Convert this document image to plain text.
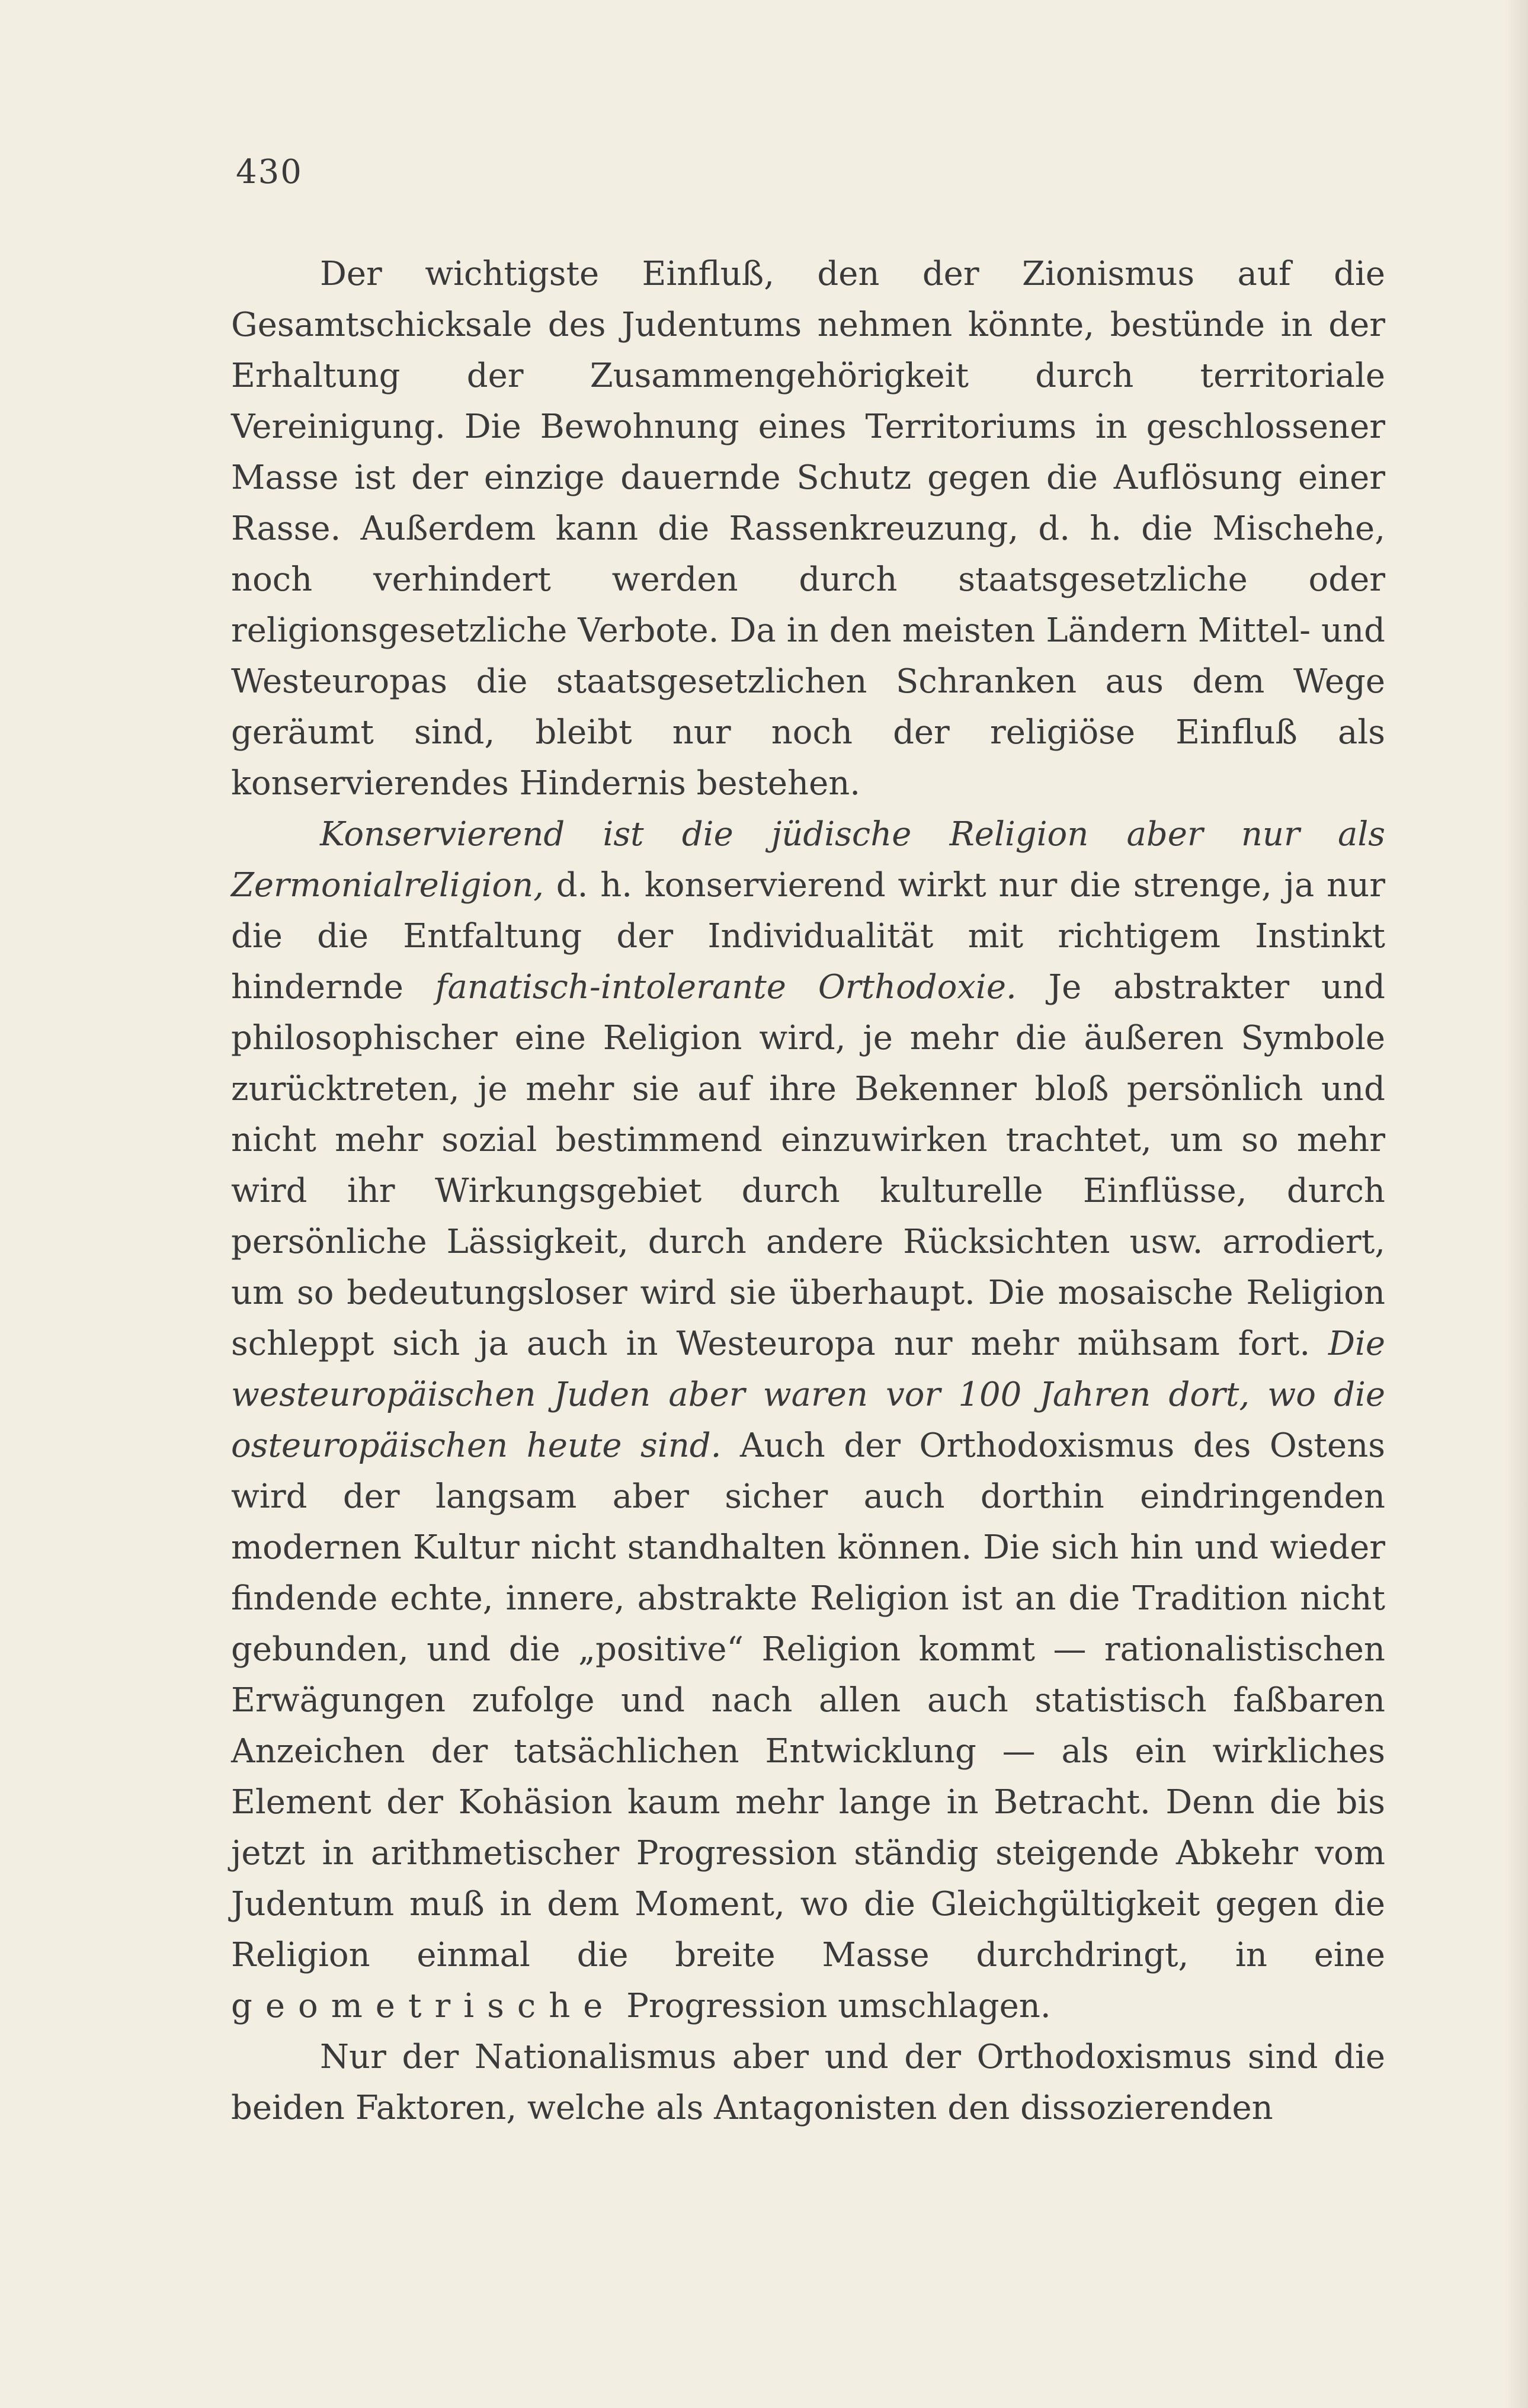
430

Der wichtigste Einfluß, den der Zionismus auf die Gesamtschicksale des Judentums nehmen könnte, bestünde in der Erhaltung der Zusammengehörigkeit durch territoriale Vereinigung. Die Bewohnung eines Territoriums in geschlossener Masse ist der einzige dauernde Schutz gegen die Auflösung einer Rasse. Außerdem kann die Rassenkreuzung, d. h. die Mischehe, noch verhindert werden durch staatsgesetzliche oder religionsgesetzliche Verbote. Da in den meisten Ländern Mittel- und Westeuropas die staatsgesetzlichen Schranken aus dem Wege geräumt sind, bleibt nur noch der religiöse Einfluß als konservierendes Hindernis bestehen.

Konservierend ist die jüdische Religion aber nur als Zermonialreligion, d. h. konservierend wirkt nur die strenge, ja nur die die Entfaltung der Individualität mit richtigem Instinkt hindernde fanatisch-intolerante Orthodoxie. Je abstrakter und philosophischer eine Religion wird, je mehr die äußeren Symbole zurücktreten, je mehr sie auf ihre Bekenner bloß persönlich und nicht mehr sozial bestimmend einzuwirken trachtet, um so mehr wird ihr Wirkungsgebiet durch kulturelle Einflüsse, durch persönliche Lässigkeit, durch andere Rücksichten usw. arrodiert, um so bedeutungsloser wird sie überhaupt. Die mosaische Religion schleppt sich ja auch in Westeuropa nur mehr mühsam fort. Die westeuropäischen Juden aber waren vor 100 Jahren dort, wo die osteuropäischen heute sind. Auch der Orthodoxismus des Ostens wird der langsam aber sicher auch dorthin eindringenden modernen Kultur nicht standhalten können. Die sich hin und wieder findende echte, innere, abstrakte Religion ist an die Tradition nicht gebunden, und die „positive“ Religion kommt — rationalistischen Erwägungen zufolge und nach allen auch statistisch faßbaren Anzeichen der tatsächlichen Entwicklung — als ein wirkliches Element der Kohäsion kaum mehr lange in Betracht. Denn die bis jetzt in arithmetischer Progression ständig steigende Abkehr vom Judentum muß in dem Moment, wo die Gleichgültigkeit gegen die Religion einmal die breite Masse durchdringt, in eine geometrische Progression umschlagen.

Nur der Nationalismus aber und der Orthodoxismus sind die beiden Faktoren, welche als Antagonisten den dissozierenden
